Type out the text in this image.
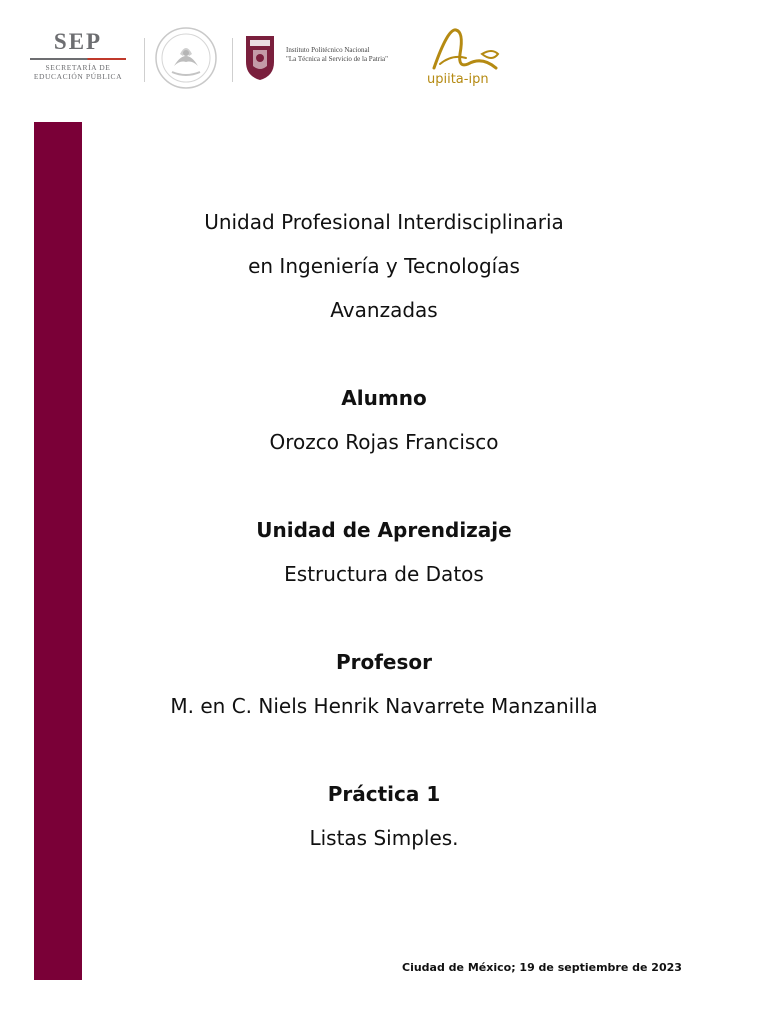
SEP
SECRETARÍA DE
EDUCACIÓN PÚBLICA
Instituto Politécnico Nacional
"La Técnica al Servicio de la Patria"
upiita-ipn
Unidad Profesional Interdisciplinaria
en Ingeniería y Tecnologías
Avanzadas
Alumno
Orozco Rojas Francisco
Unidad de Aprendizaje
Estructura de Datos
Profesor
M. en C. Niels Henrik Navarrete Manzanilla
Práctica 1
Listas Simples.
Ciudad de México; 19 de septiembre de 2023
